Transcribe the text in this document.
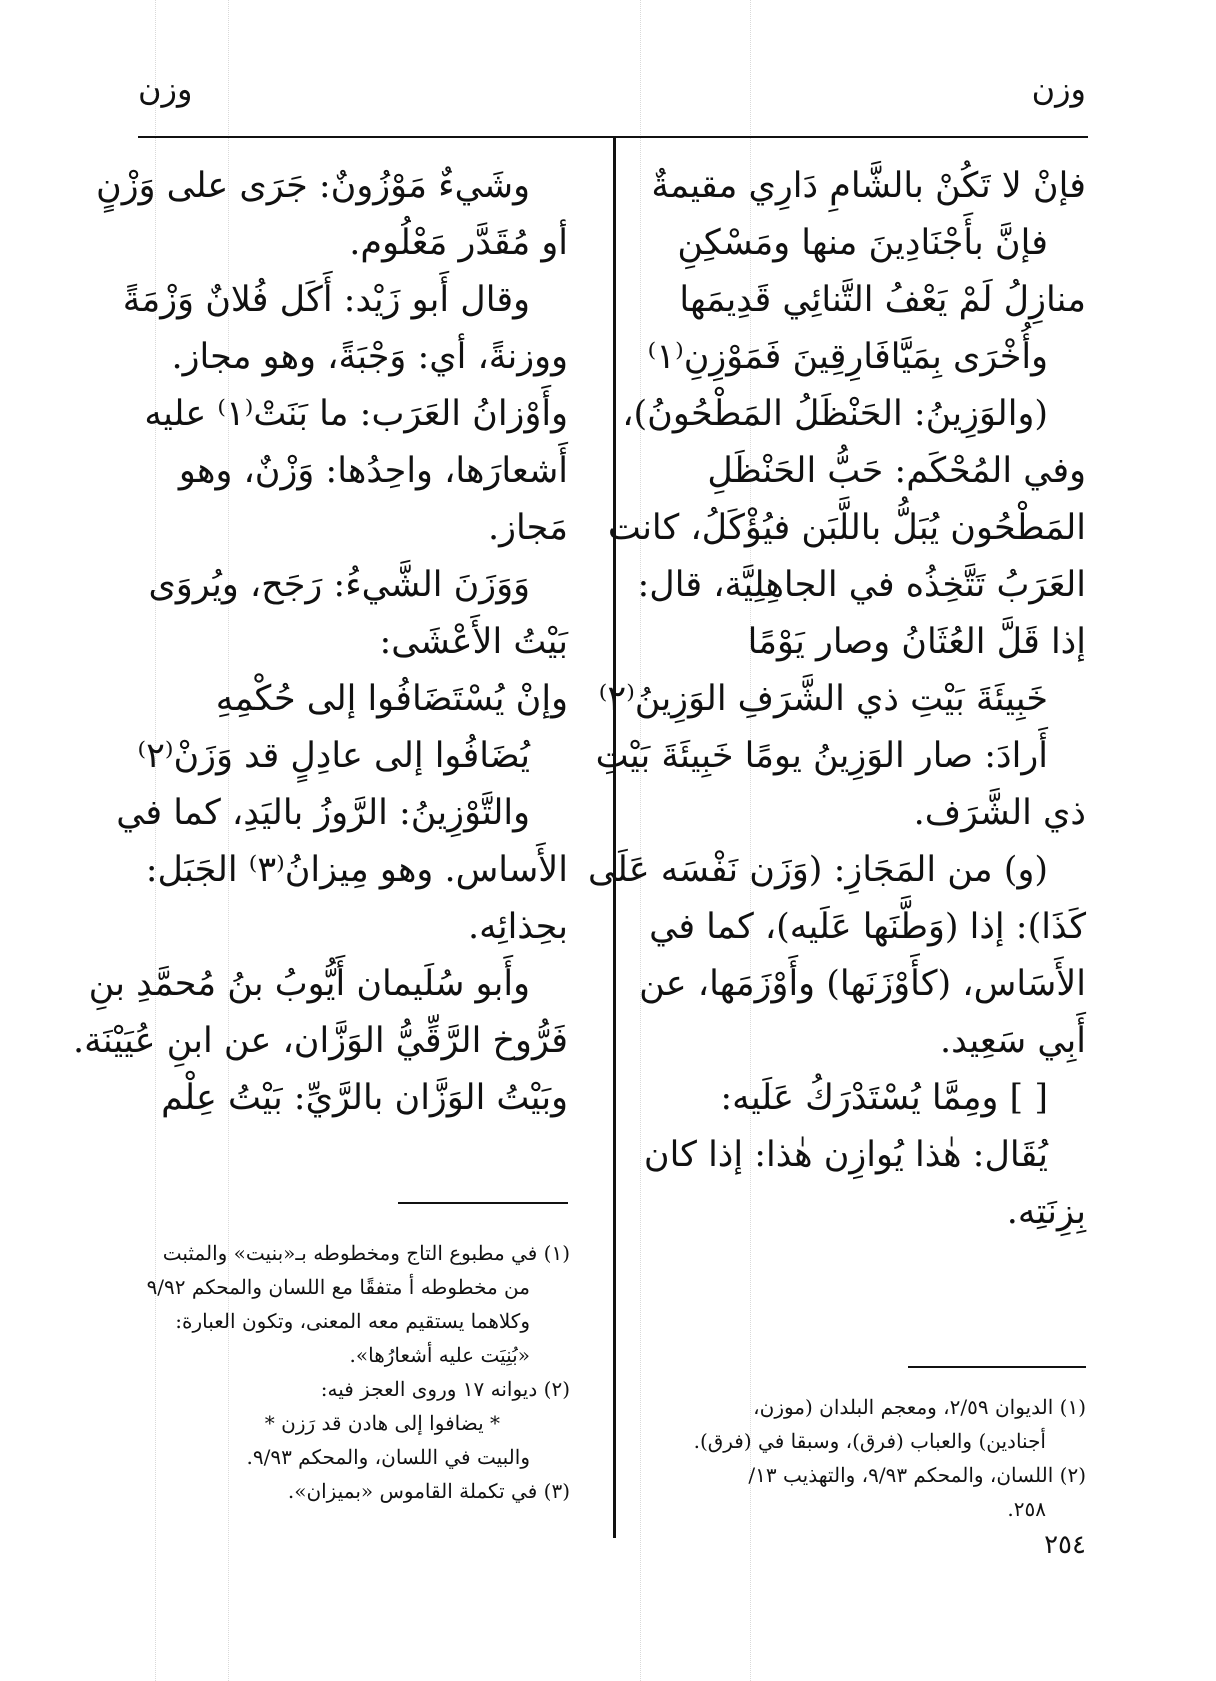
وزن
وزن
فإنْ لا تَكُنْ بالشَّامِ دَارِي مقيمةٌ
فإنَّ بأَجْنَادِينَ منها ومَسْكِنِ
منازِلُ لَمْ يَعْفُ التَّنائِي قَدِيمَها
وأُخْرَى بِمَيَّافَارِقِينَ فَمَوْزِنِ⁽١⁾
(والوَزِينُ: الحَنْظَلُ المَطْحُونُ)،
وفي المُحْكَم: حَبُّ الحَنْظَلِ
المَطْحُون يُبَلُّ باللَّبَن فيُؤْكَلُ، كانت
العَرَبُ تَتَّخِذُه في الجاهِلِيَّة، قال:
إذا قَلَّ العُثَانُ وصار يَوْمًا
خَبِيئَةَ بَيْتِ ذي الشَّرَفِ الوَزِينُ⁽٢⁾
أَرادَ: صار الوَزِينُ يومًا خَبِيئَةَ بَيْتِ
ذي الشَّرَف.
(و) من المَجَازِ: (وَزَن نَفْسَه عَلَى
كَذَا): إذا (وَطَّنَها عَلَيه)، كما في
الأَسَاس، (كأَوْزَنَها) وأَوْزَمَها، عن
أَبِي سَعِيد.
[ ] ومِمَّا يُسْتَدْرَكُ عَلَيه:
يُقَال: هٰذا يُوازِن هٰذا: إذا كان
بِزِنَتِه.
وشَيءٌ مَوْزُونٌ: جَرَى على وَزْنٍ
أو مُقَدَّر مَعْلُوم.
وقال أَبو زَيْد: أَكَل فُلانٌ وَزْمَةً
ووزنةً، أي: وَجْبَةً، وهو مجاز.
وأَوْزانُ العَرَب: ما بَنَتْ⁽١⁾ عليه
أَشعارَها، واحِدُها: وَزْنٌ، وهو
مَجاز.
وَوَزَنَ الشَّيءُ: رَجَح، ويُروَى
بَيْتُ الأَعْشَى:
وإنْ يُسْتَضَافُوا إلى حُكْمِهِ
يُضَافُوا إلى عادِلٍ قد وَزَنْ⁽٢⁾
والتَّوْزِينُ: الرَّوزُ باليَدِ، كما في
الأَساس. وهو مِيزانُ⁽٣⁾ الجَبَل:
بحِذائِه.
وأَبو سُلَيمان أَيُّوبُ بنُ مُحمَّدِ بنِ
فَرُّوخ الرَّقِّيُّ الوَزَّان، عن ابنِ عُيَيْنَة.
وبَيْتُ الوَزَّان بالرَّيِّ: بَيْتُ عِلْم
(١) الديوان ٢/٥٩، ومعجم البلدان (موزن،
أجنادين) والعباب (فرق)، وسبقا في (فرق).
(٢) اللسان، والمحكم ٩/٩٣، والتهذيب ١٣/
٢٥٨.
(١) في مطبوع التاج ومخطوطه بـ«بنيت» والمثبت
من مخطوطه أ متفقًا مع اللسان والمحكم ٩/٩٢
وكلاهما يستقيم معه المعنى، وتكون العبارة:
«بُنِيَت عليه أشعارُها».
(٢) ديوانه ١٧ وروى العجز فيه:
* يضافوا إلى هادن قد رَزن *
والبيت في اللسان، والمحكم ٩/٩٣.
(٣) في تكملة القاموس «بميزان».
٢٥٤
